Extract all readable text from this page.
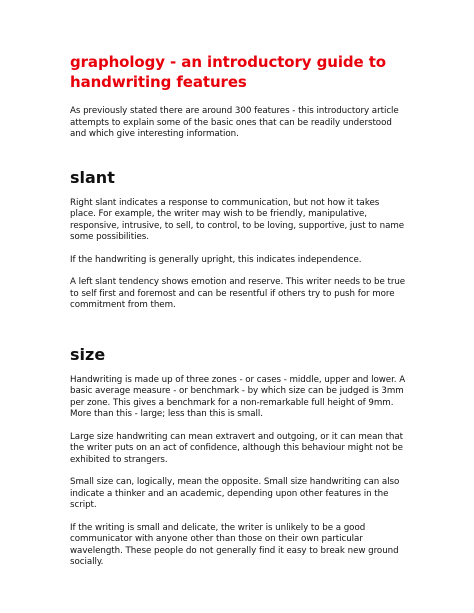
graphology - an introductory guide to handwriting features

As previously stated there are around 300 features - this introductory article attempts to explain some of the basic ones that can be readily understood and which give interesting information.

slant

Right slant indicates a response to communication, but not how it takes place. For example, the writer may wish to be friendly, manipulative, responsive, intrusive, to sell, to control, to be loving, supportive, just to name some possibilities.

If the handwriting is generally upright, this indicates independence.

A left slant tendency shows emotion and reserve. This writer needs to be true to self first and foremost and can be resentful if others try to push for more commitment from them.

size

Handwriting is made up of three zones - or cases - middle, upper and lower. A basic average measure - or benchmark - by which size can be judged is 3mm per zone. This gives a benchmark for a non-remarkable full height of 9mm. More than this - large; less than this is small.

Large size handwriting can mean extravert and outgoing, or it can mean that the writer puts on an act of confidence, although this behaviour might not be exhibited to strangers.

Small size can, logically, mean the opposite. Small size handwriting can also indicate a thinker and an academic, depending upon other features in the script.

If the writing is small and delicate, the writer is unlikely to be a good communicator with anyone other than those on their own particular wavelength. These people do not generally find it easy to break new ground socially.
